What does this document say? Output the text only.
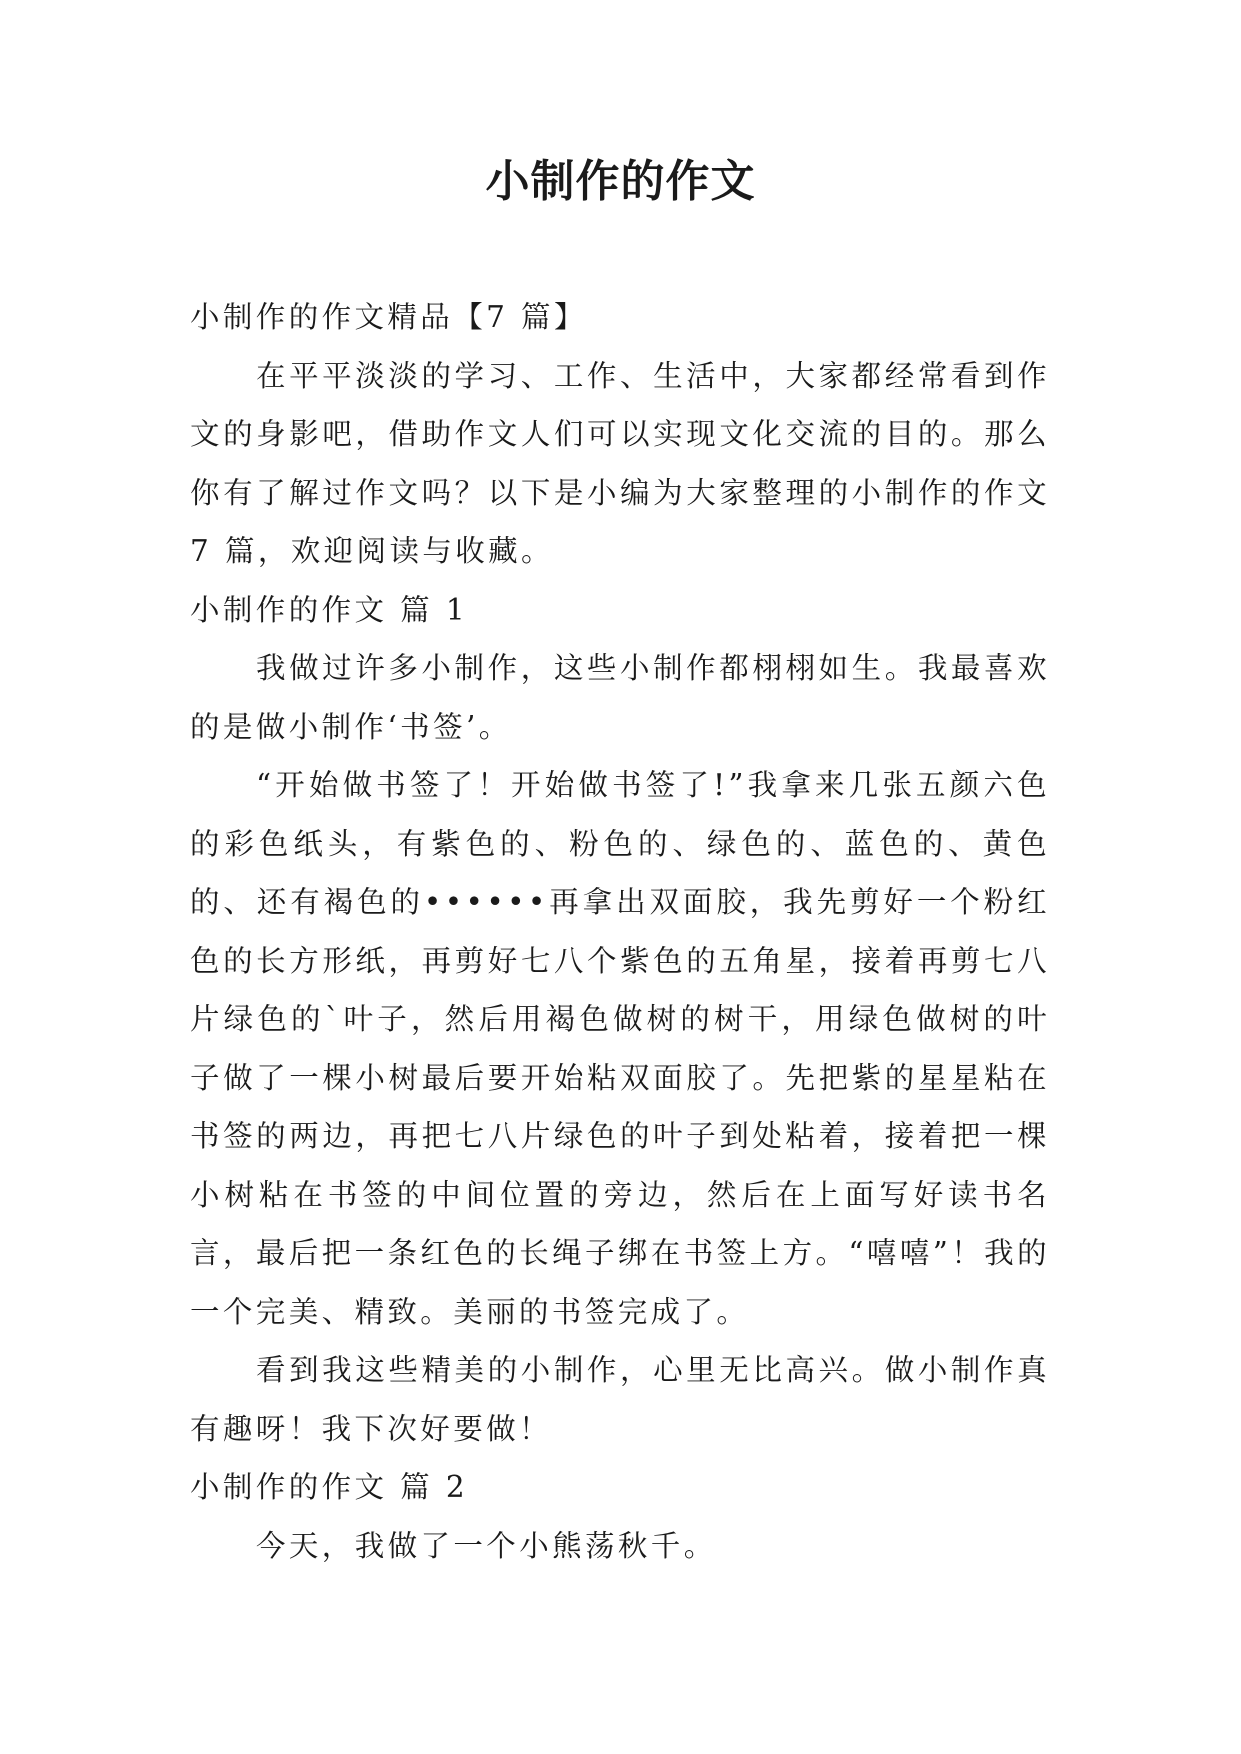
小制作的作文

小制作的作文精品【7 篇】

在平平淡淡的学习、工作、生活中，大家都经常看到作文的身影吧，借助作文人们可以实现文化交流的目的。那么你有了解过作文吗？以下是小编为大家整理的小制作的作文 7 篇，欢迎阅读与收藏。

小制作的作文 篇 1

我做过许多小制作，这些小制作都栩栩如生。我最喜欢的是做小制作‘书签’。

“开始做书签了！开始做书签了!”我拿来几张五颜六色的彩色纸头，有紫色的、粉色的、绿色的、蓝色的、黄色的、还有褐色的••••••再拿出双面胶，我先剪好一个粉红色的长方形纸，再剪好七八个紫色的五角星，接着再剪七八片绿色的`叶子，然后用褐色做树的树干，用绿色做树的叶子做了一棵小树最后要开始粘双面胶了。先把紫的星星粘在书签的两边，再把七八片绿色的叶子到处粘着，接着把一棵小树粘在书签的中间位置的旁边，然后在上面写好读书名言，最后把一条红色的长绳子绑在书签上方。“嘻嘻”！我的一个完美、精致。美丽的书签完成了。

看到我这些精美的小制作，心里无比高兴。做小制作真有趣呀！我下次好要做！

小制作的作文 篇 2

今天，我做了一个小熊荡秋千。
